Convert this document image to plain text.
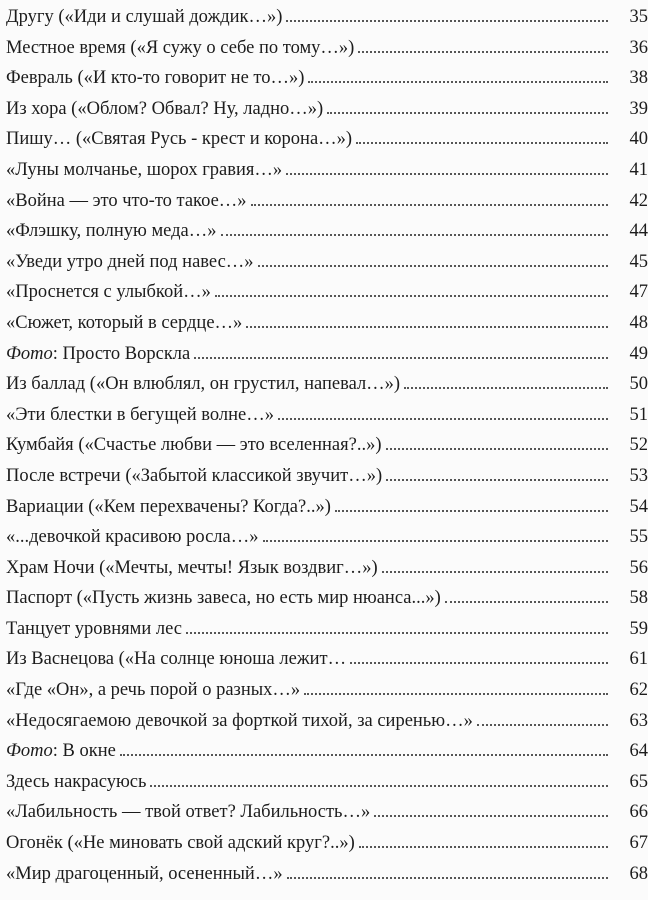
Другу («Иди и слушай дождик…»)	35
Местное время («Я сужу о себе по тому…»)	36
Февраль («И кто-то говорит не то…»)	38
Из хора («Облом? Обвал? Ну, ладно…»)	39
Пишу… («Святая Русь - крест и корона…»)	40
«Луны молчанье, шорох гравия…»	41
«Война — это что-то такое…»	42
«Флэшку, полную меда…»	44
«Уведи утро дней под навес…»	45
«Проснется с улыбкой…»	47
«Сюжет, который в сердце…»	48
Фото: Просто Ворскла	49
Из баллад («Он влюблял, он грустил, напевал…»)	50
«Эти блестки в бегущей волне…»	51
Кумбайя («Счастье любви — это вселенная?..»)	52
После встречи («Забытой классикой звучит…»)	53
Вариации («Кем перехвачены? Когда?..»)	54
«...девочкой красивою росла…»	55
Храм Ночи («Мечты, мечты! Язык воздвиг…»)	56
Паспорт («Пусть жизнь завеса, но есть мир нюанса...»)	58
Танцует уровнями лес	59
Из Васнецова («На солнце юноша лежит…	61
«Где «Он», а речь порой о разных…»	62
«Недосягаемою девочкой за форткой тихой, за сиренью…»	63
Фото: В окне	64
Здесь накрасуюсь	65
«Лабильность — твой ответ? Лабильность…»	66
Огонёк («Не миновать свой адский круг?..»)	67
«Мир драгоценный, осененный…»	68
